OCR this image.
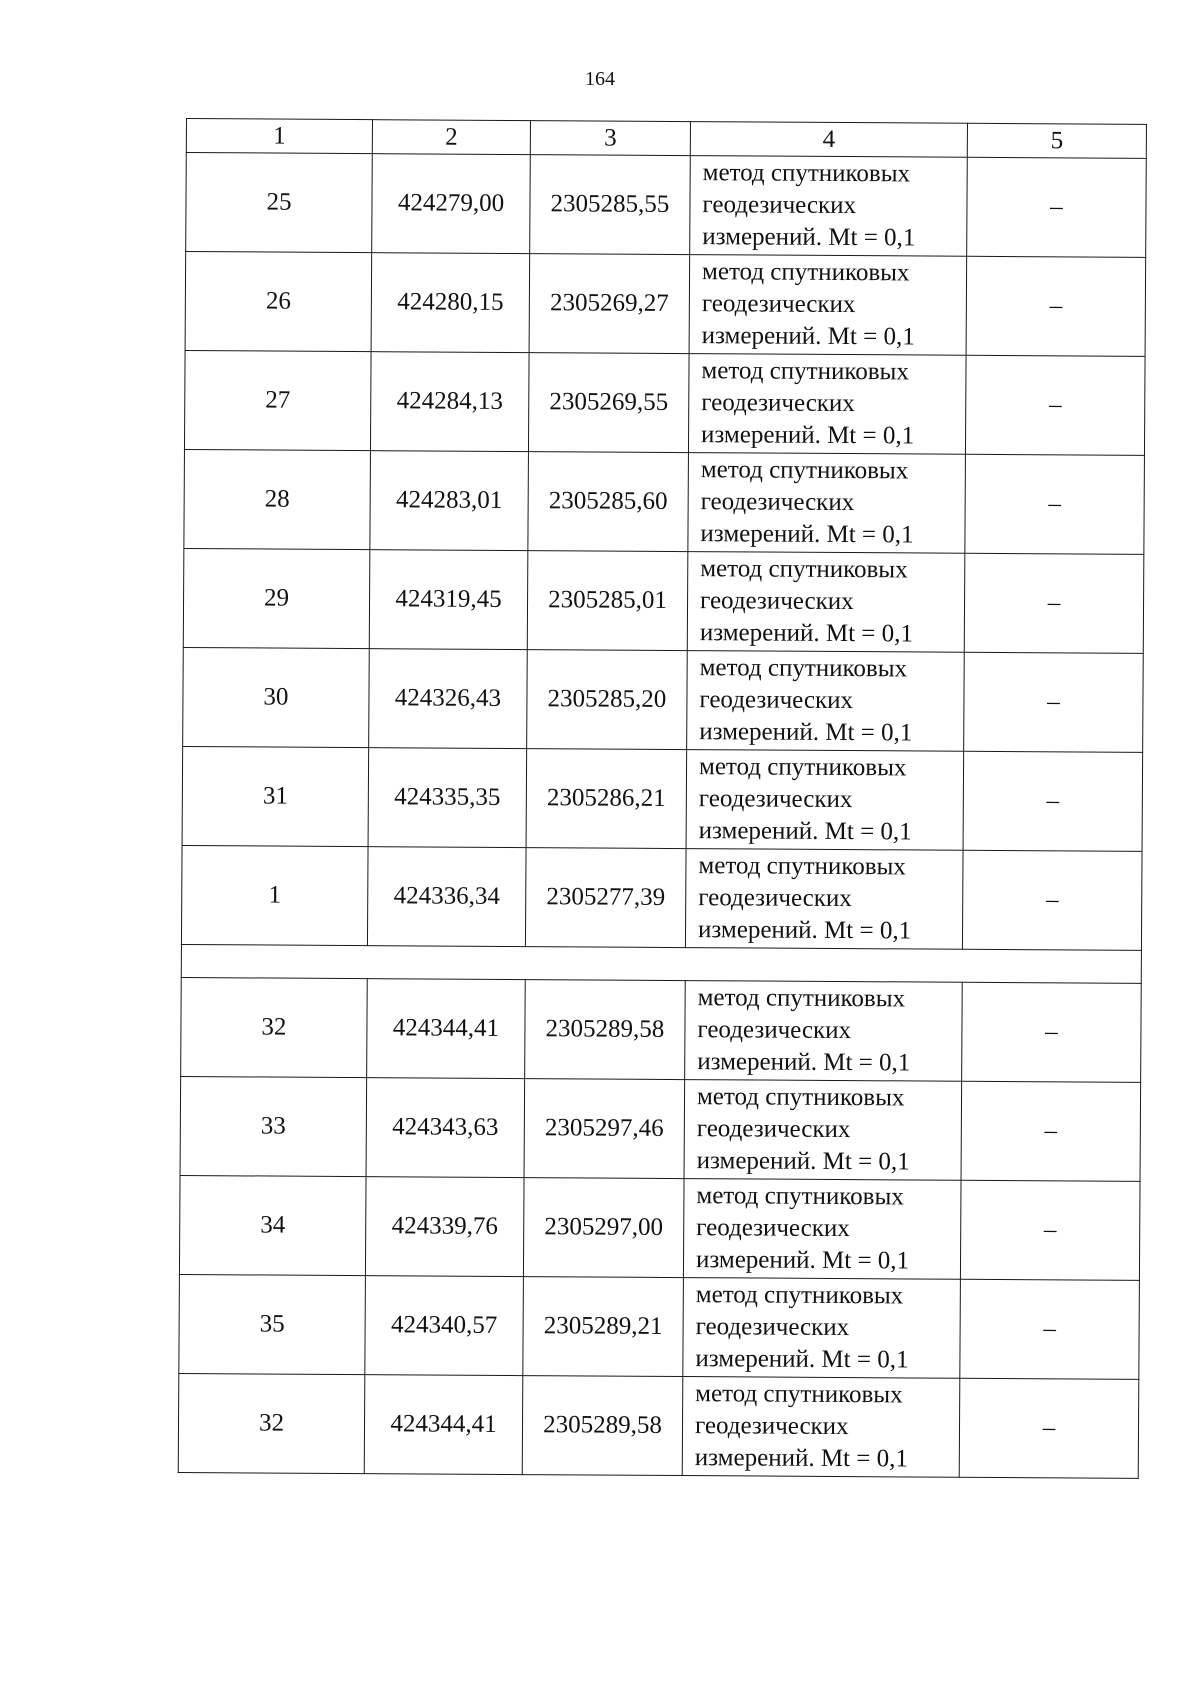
164
1	2	3	4	5
25	424279,00	2305285,55	метод спутниковых
геодезических
измерений. Mt = 0,1	–
26	424280,15	2305269,27	метод спутниковых
геодезических
измерений. Mt = 0,1	–
27	424284,13	2305269,55	метод спутниковых
геодезических
измерений. Mt = 0,1	–
28	424283,01	2305285,60	метод спутниковых
геодезических
измерений. Mt = 0,1	–
29	424319,45	2305285,01	метод спутниковых
геодезических
измерений. Mt = 0,1	–
30	424326,43	2305285,20	метод спутниковых
геодезических
измерений. Mt = 0,1	–
31	424335,35	2305286,21	метод спутниковых
геодезических
измерений. Mt = 0,1	–
1	424336,34	2305277,39	метод спутниковых
геодезических
измерений. Mt = 0,1	–

32	424344,41	2305289,58	метод спутниковых
геодезических
измерений. Mt = 0,1	–
33	424343,63	2305297,46	метод спутниковых
геодезических
измерений. Mt = 0,1	–
34	424339,76	2305297,00	метод спутниковых
геодезических
измерений. Mt = 0,1	–
35	424340,57	2305289,21	метод спутниковых
геодезических
измерений. Mt = 0,1	–
32	424344,41	2305289,58	метод спутниковых
геодезических
измерений. Mt = 0,1	–
